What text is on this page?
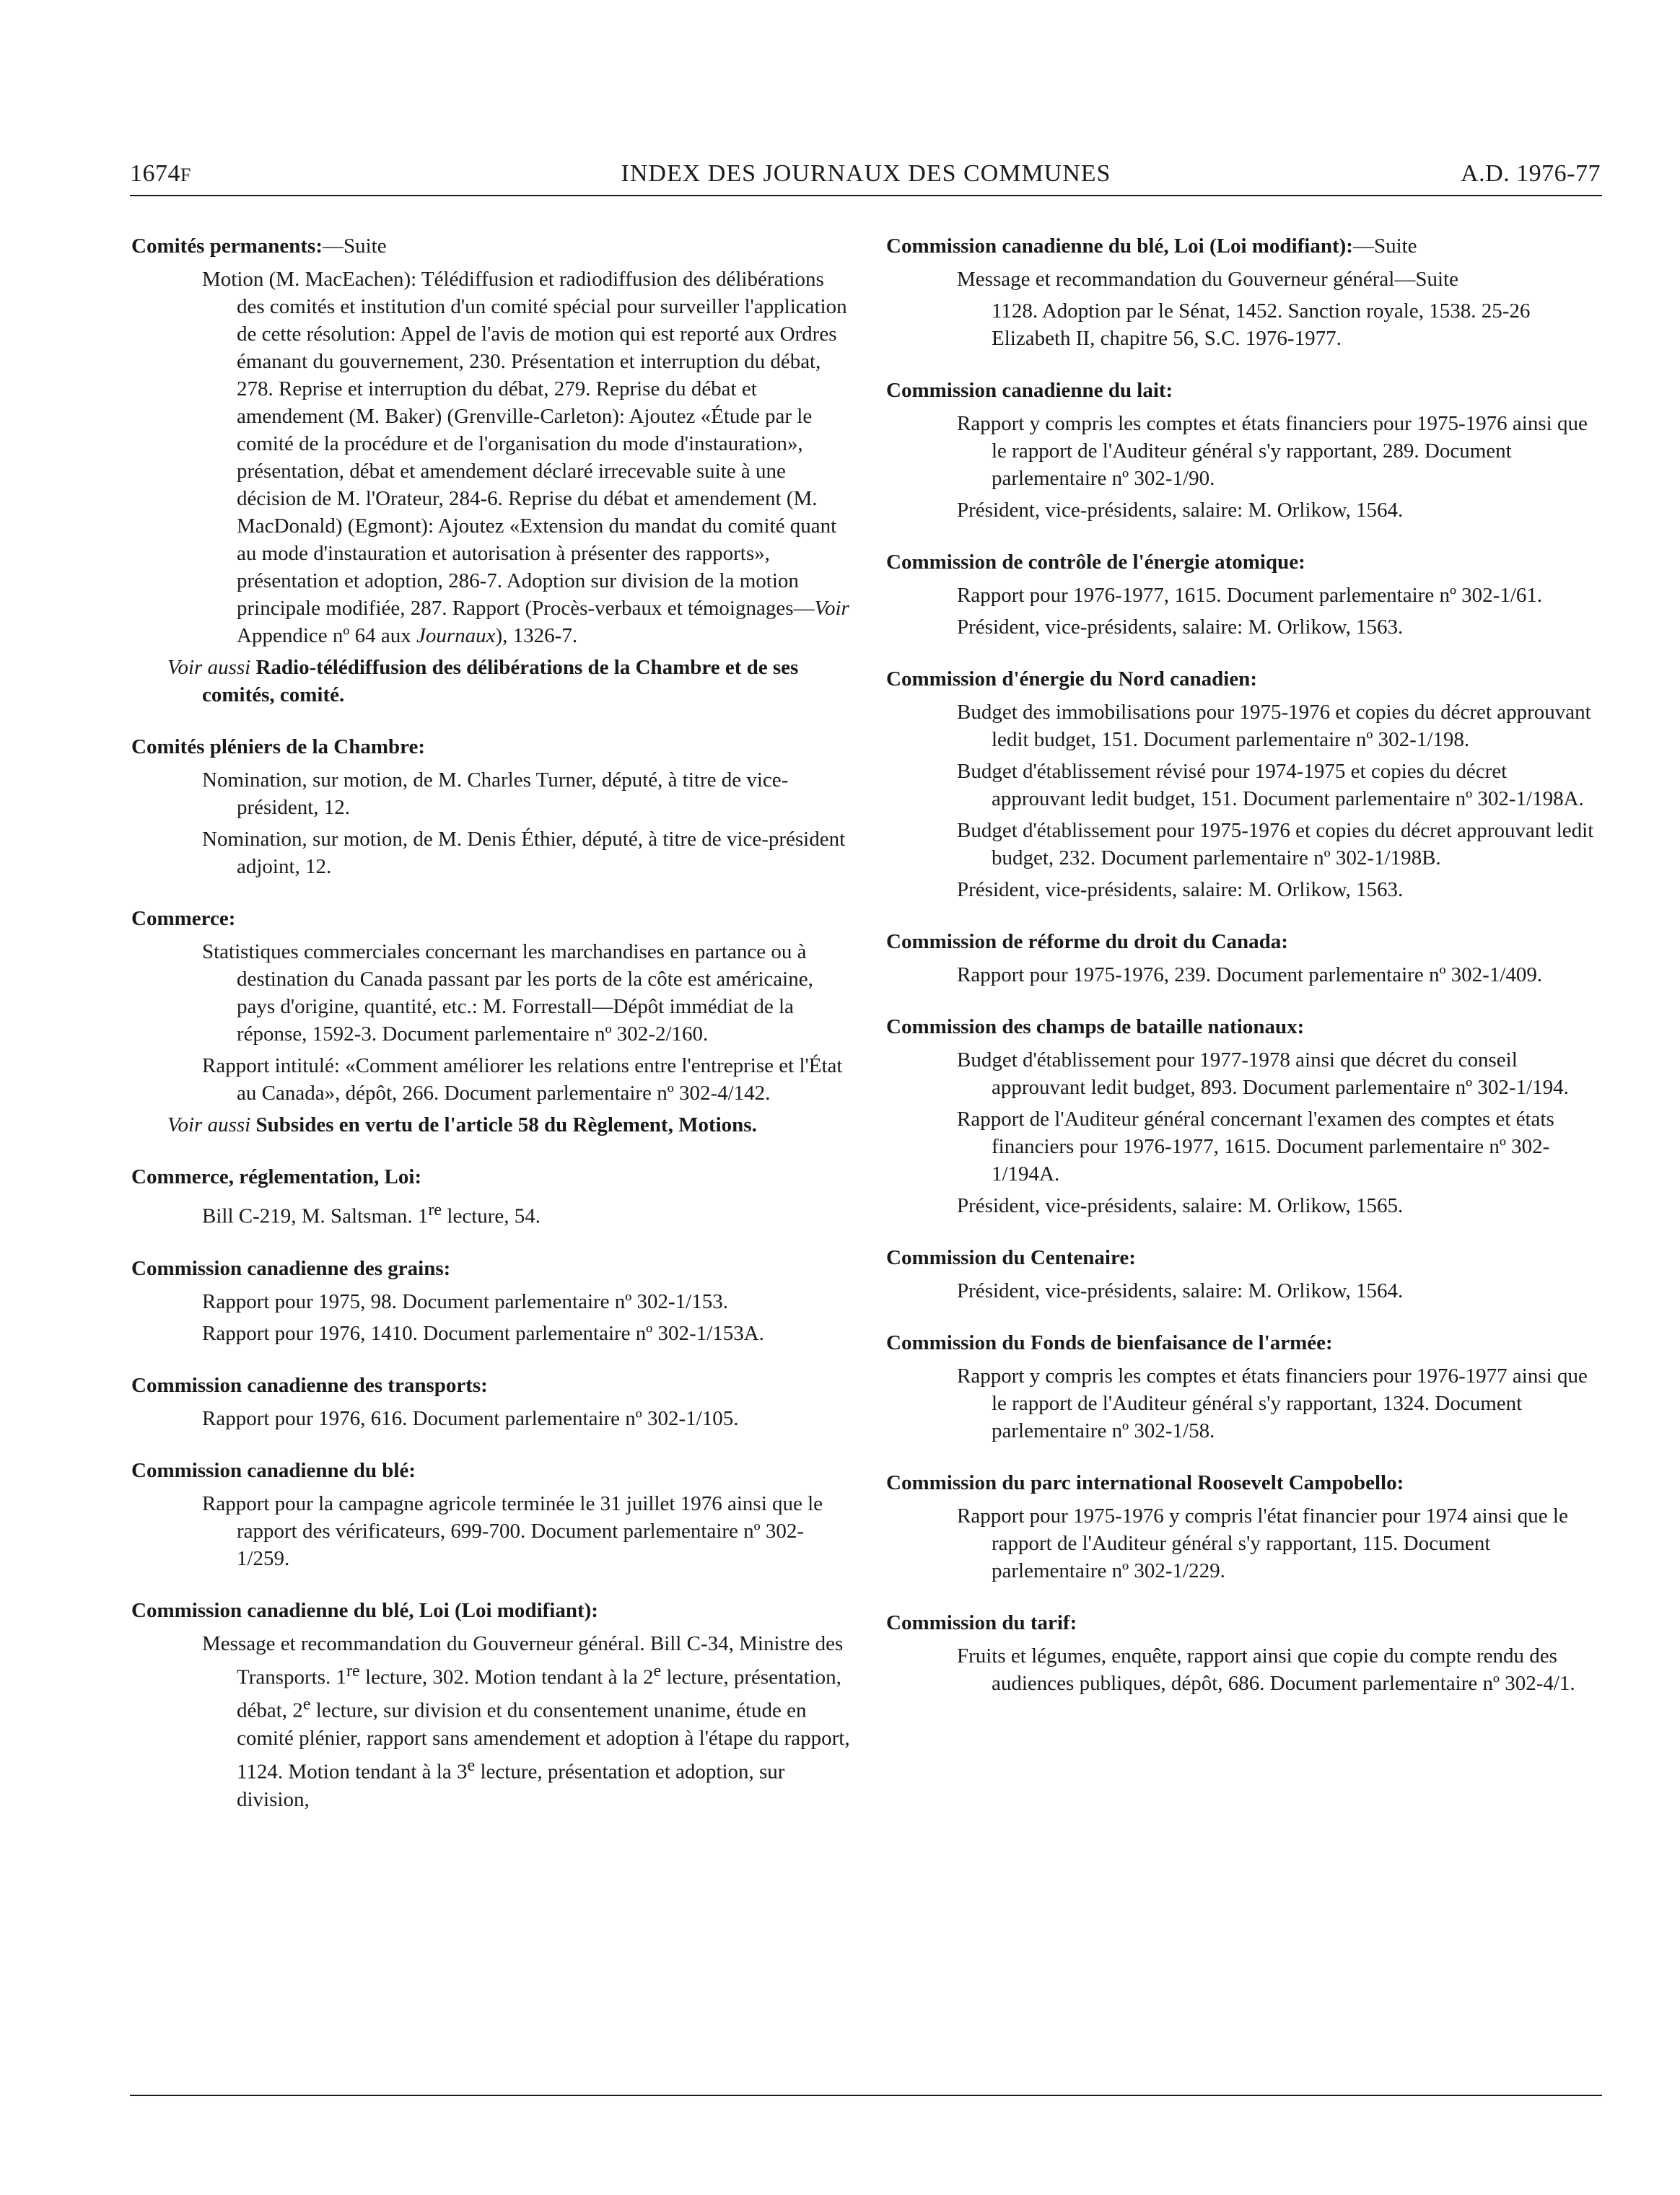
1674F	INDEX DES JOURNAUX DES COMMUNES	A.D. 1976-77
Comités permanents:—Suite
Motion (M. MacEachen): Télédiffusion et radiodiffusion des délibérations des comités et institution d'un comité spécial pour surveiller l'application de cette résolution: Appel de l'avis de motion qui est reporté aux Ordres émanant du gouvernement, 230. Présentation et interruption du débat, 278. Reprise et interruption du débat, 279. Reprise du débat et amendement (M. Baker) (Grenville-Carleton): Ajoutez «Étude par le comité de la procédure et de l'organisation du mode d'instauration», présentation, débat et amendement déclaré irrecevable suite à une décision de M. l'Orateur, 284-6. Reprise du débat et amendement (M. MacDonald) (Egmont): Ajoutez «Extension du mandat du comité quant au mode d'instauration et autorisation à présenter des rapports», présentation et adoption, 286-7. Adoption sur division de la motion principale modifiée, 287. Rapport (Procès-verbaux et témoignages—Voir Appendice nº 64 aux Journaux), 1326-7.
Voir aussi Radio-télédiffusion des délibérations de la Chambre et de ses comités, comité.
Comités pléniers de la Chambre:
Nomination, sur motion, de M. Charles Turner, député, à titre de vice-président, 12.
Nomination, sur motion, de M. Denis Éthier, député, à titre de vice-président adjoint, 12.
Commerce:
Statistiques commerciales concernant les marchandises en partance ou à destination du Canada passant par les ports de la côte est américaine, pays d'origine, quantité, etc.: M. Forrestall—Dépôt immédiat de la réponse, 1592-3. Document parlementaire nº 302-2/160.
Rapport intitulé: «Comment améliorer les relations entre l'entreprise et l'État au Canada», dépôt, 266. Document parlementaire nº 302-4/142.
Voir aussi Subsides en vertu de l'article 58 du Règlement, Motions.
Commerce, réglementation, Loi:
Bill C-219, M. Saltsman. 1re lecture, 54.
Commission canadienne des grains:
Rapport pour 1975, 98. Document parlementaire nº 302-1/153.
Rapport pour 1976, 1410. Document parlementaire nº 302-1/153A.
Commission canadienne des transports:
Rapport pour 1976, 616. Document parlementaire nº 302-1/105.
Commission canadienne du blé:
Rapport pour la campagne agricole terminée le 31 juillet 1976 ainsi que le rapport des vérificateurs, 699-700. Document parlementaire nº 302-1/259.
Commission canadienne du blé, Loi (Loi modifiant):
Message et recommandation du Gouverneur général. Bill C-34, Ministre des Transports. 1re lecture, 302. Motion tendant à la 2e lecture, présentation, débat, 2e lecture, sur division et du consentement unanime, étude en comité plénier, rapport sans amendement et adoption à l'étape du rapport, 1124. Motion tendant à la 3e lecture, présentation et adoption, sur division,
Commission canadienne du blé, Loi (Loi modifiant):—Suite
Message et recommandation du Gouverneur général—Suite
1128. Adoption par le Sénat, 1452. Sanction royale, 1538. 25-26 Elizabeth II, chapitre 56, S.C. 1976-1977.
Commission canadienne du lait:
Rapport y compris les comptes et états financiers pour 1975-1976 ainsi que le rapport de l'Auditeur général s'y rapportant, 289. Document parlementaire nº 302-1/90.
Président, vice-présidents, salaire: M. Orlikow, 1564.
Commission de contrôle de l'énergie atomique:
Rapport pour 1976-1977, 1615. Document parlementaire nº 302-1/61.
Président, vice-présidents, salaire: M. Orlikow, 1563.
Commission d'énergie du Nord canadien:
Budget des immobilisations pour 1975-1976 et copies du décret approuvant ledit budget, 151. Document parlementaire nº 302-1/198.
Budget d'établissement révisé pour 1974-1975 et copies du décret approuvant ledit budget, 151. Document parlementaire nº 302-1/198A.
Budget d'établissement pour 1975-1976 et copies du décret approuvant ledit budget, 232. Document parlementaire nº 302-1/198B.
Président, vice-présidents, salaire: M. Orlikow, 1563.
Commission de réforme du droit du Canada:
Rapport pour 1975-1976, 239. Document parlementaire nº 302-1/409.
Commission des champs de bataille nationaux:
Budget d'établissement pour 1977-1978 ainsi que décret du conseil approuvant ledit budget, 893. Document parlementaire nº 302-1/194.
Rapport de l'Auditeur général concernant l'examen des comptes et états financiers pour 1976-1977, 1615. Document parlementaire nº 302-1/194A.
Président, vice-présidents, salaire: M. Orlikow, 1565.
Commission du Centenaire:
Président, vice-présidents, salaire: M. Orlikow, 1564.
Commission du Fonds de bienfaisance de l'armée:
Rapport y compris les comptes et états financiers pour 1976-1977 ainsi que le rapport de l'Auditeur général s'y rapportant, 1324. Document parlementaire nº 302-1/58.
Commission du parc international Roosevelt Campobello:
Rapport pour 1975-1976 y compris l'état financier pour 1974 ainsi que le rapport de l'Auditeur général s'y rapportant, 115. Document parlementaire nº 302-1/229.
Commission du tarif:
Fruits et légumes, enquête, rapport ainsi que copie du compte rendu des audiences publiques, dépôt, 686. Document parlementaire nº 302-4/1.
